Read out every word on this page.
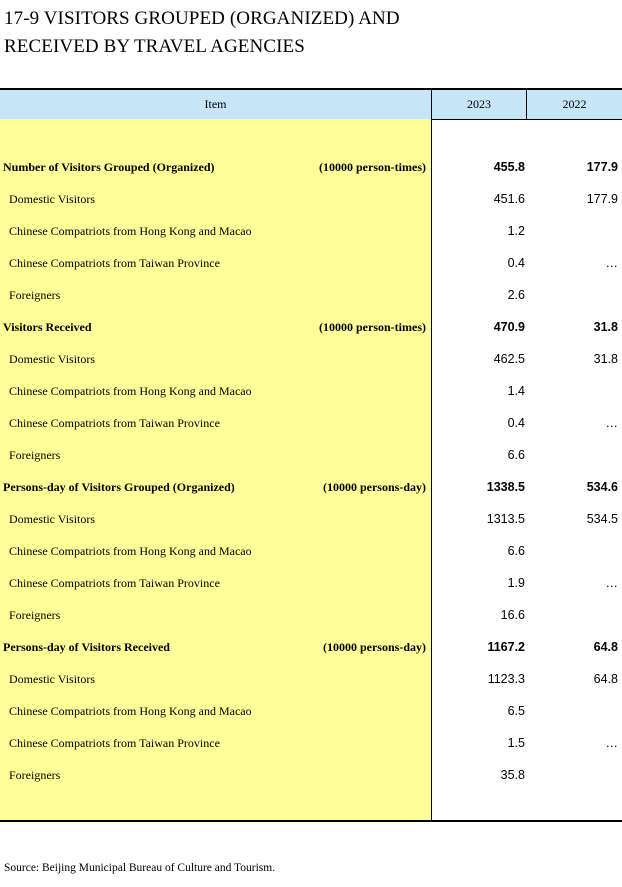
17-9 VISITORS GROUPED (ORGANIZED) AND
RECEIVED BY TRAVEL AGENCIES
Item	2023	2022
Number of Visitors Grouped (Organized)	(10000 person-times)	455.8	177.9
Domestic Visitors	451.6	177.9
Chinese Compatriots from Hong Kong and Macao	1.2
Chinese Compatriots from Taiwan Province	0.4	…
Foreigners	2.6
Visitors Received	(10000 person-times)	470.9	31.8
Domestic Visitors	462.5	31.8
Chinese Compatriots from Hong Kong and Macao	1.4
Chinese Compatriots from Taiwan Province	0.4	…
Foreigners	6.6
Persons-day of Visitors Grouped (Organized)	(10000 persons-day)	1338.5	534.6
Domestic Visitors	1313.5	534.5
Chinese Compatriots from Hong Kong and Macao	6.6
Chinese Compatriots from Taiwan Province	1.9	…
Foreigners	16.6
Persons-day of Visitors Received	(10000 persons-day)	1167.2	64.8
Domestic Visitors	1123.3	64.8
Chinese Compatriots from Hong Kong and Macao	6.5
Chinese Compatriots from Taiwan Province	1.5	…
Foreigners	35.8
Source: Beijing Municipal Bureau of Culture and Tourism.
